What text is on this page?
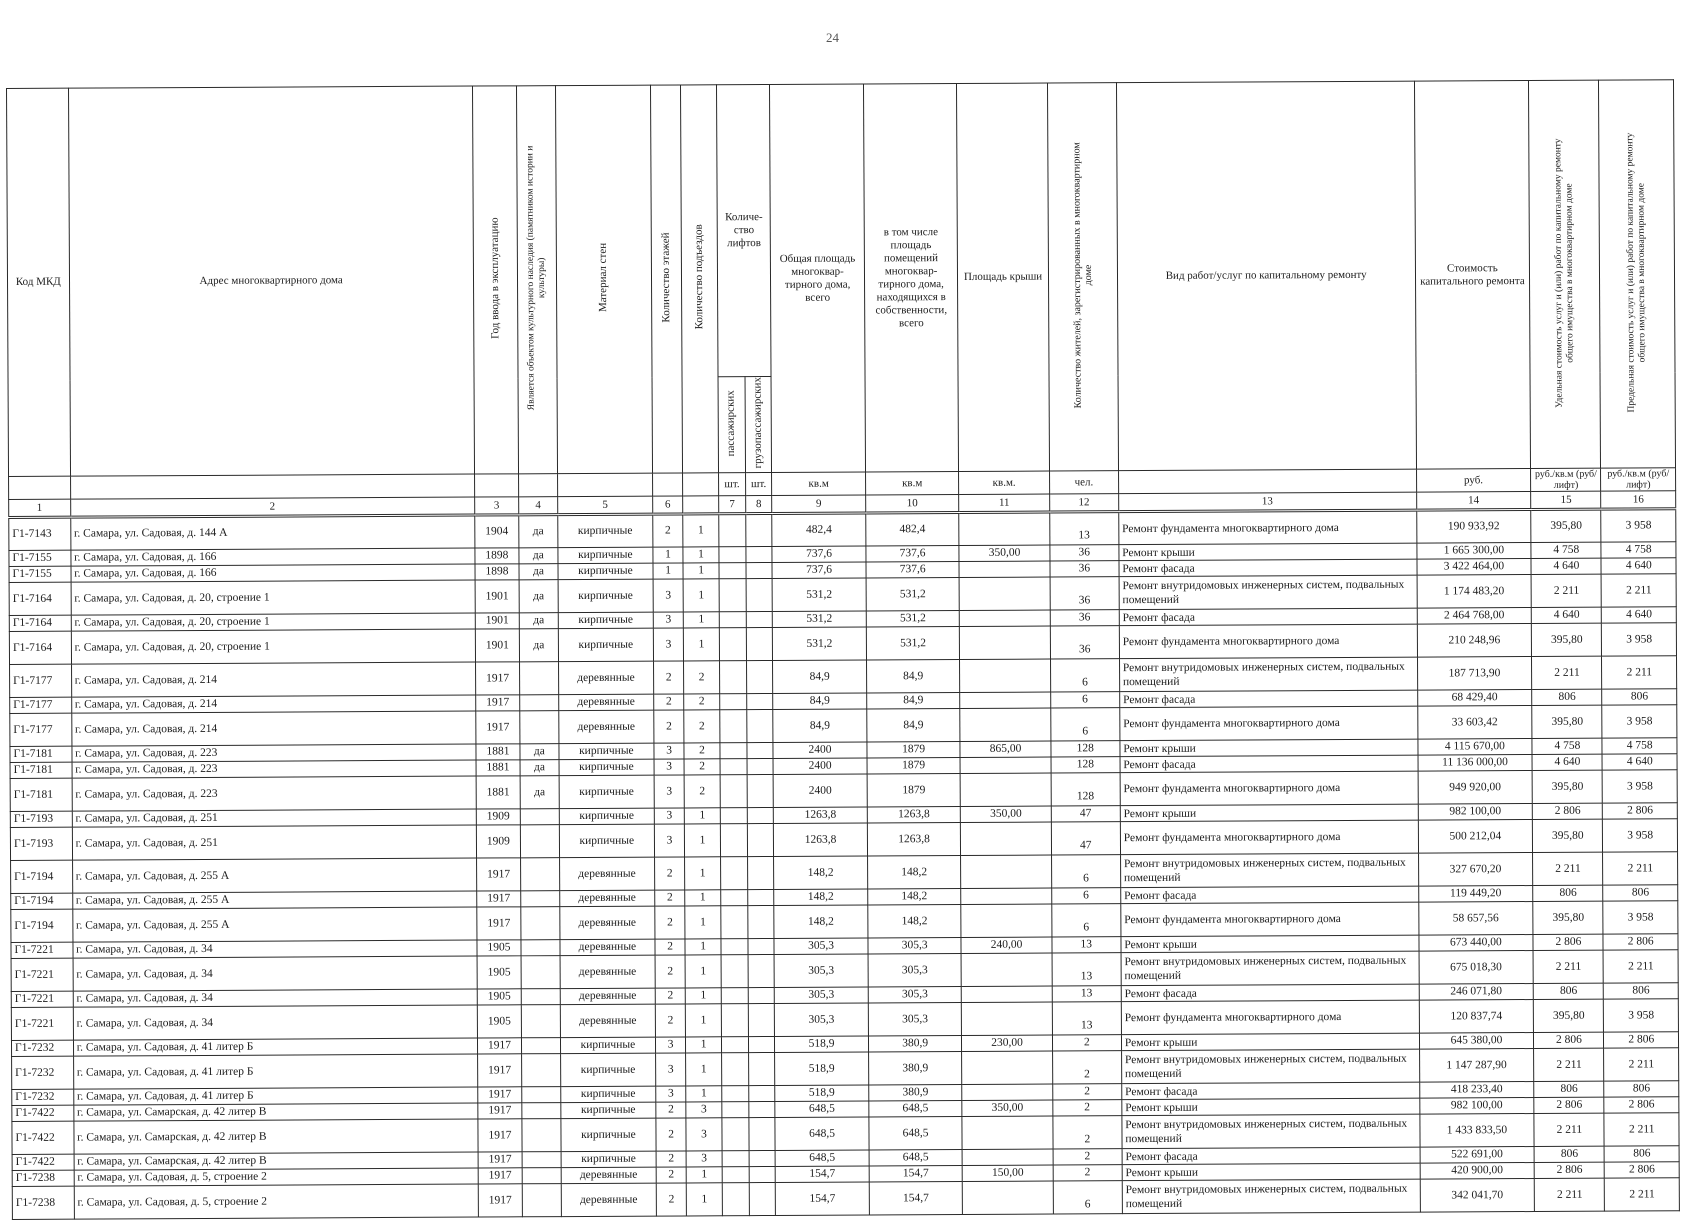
24
Код МКД	Адрес многоквартирного дома	Год ввода в эксплуатацию	Является объектом культурного наследия (памятником истории и культуры)	Материал стен	Количество этажей	Количество подъездов	Количе-ство лифтов		Общая площадь многоквар-тирного дома, всего	в том числе площадь помещений многоквар-тирного дома, находящихся в собственности, всего	Площадь крыши	Количество жителей, зарегистрированных в многоквартирном доме	Вид работ/услуг по капитальному ремонту	Стоимость капитального ремонта	Удельная стоимость услуг и (или) работ по капитальному ремонту общего имущества в многоквартирном доме	Предельная стоимость услуг и (или) работ по капитальному ремонту общего имущества в многоквартирном доме
							пассажирских	грузопассажирских								
							шт.	шт.	кв.м	кв.м	кв.м.	чел.		руб.	руб./кв.м (руб/лифт)	руб./кв.м (руб/лифт)
1	2	3	4	5	6		7	8	9	10	11	12	13	14	15	16
Г1-7143	г. Самара, ул. Садовая, д. 144 А	1904	да	кирпичные	2	1			482,4	482,4		13	Ремонт фундамента многоквартирного дома	190 933,92	395,80	3 958
Г1-7155	г. Самара, ул. Садовая, д. 166	1898	да	кирпичные	1	1			737,6	737,6	350,00	36	Ремонт крыши	1 665 300,00	4 758	4 758
Г1-7155	г. Самара, ул. Садовая, д. 166	1898	да	кирпичные	1	1			737,6	737,6		36	Ремонт фасада	3 422 464,00	4 640	4 640
Г1-7164	г. Самара, ул. Садовая, д. 20, строение 1	1901	да	кирпичные	3	1			531,2	531,2		36	Ремонт внутридомовых инженерных систем, подвальных помещений	1 174 483,20	2 211	2 211
Г1-7164	г. Самара, ул. Садовая, д. 20, строение 1	1901	да	кирпичные	3	1			531,2	531,2		36	Ремонт фасада	2 464 768,00	4 640	4 640
Г1-7164	г. Самара, ул. Садовая, д. 20, строение 1	1901	да	кирпичные	3	1			531,2	531,2		36	Ремонт фундамента многоквартирного дома	210 248,96	395,80	3 958
Г1-7177	г. Самара, ул. Садовая, д. 214	1917		деревянные	2	2			84,9	84,9		6	Ремонт внутридомовых инженерных систем, подвальных помещений	187 713,90	2 211	2 211
Г1-7177	г. Самара, ул. Садовая, д. 214	1917		деревянные	2	2			84,9	84,9		6	Ремонт фасада	68 429,40	806	806
Г1-7177	г. Самара, ул. Садовая, д. 214	1917		деревянные	2	2			84,9	84,9		6	Ремонт фундамента многоквартирного дома	33 603,42	395,80	3 958
Г1-7181	г. Самара, ул. Садовая, д. 223	1881	да	кирпичные	3	2			2400	1879	865,00	128	Ремонт крыши	4 115 670,00	4 758	4 758
Г1-7181	г. Самара, ул. Садовая, д. 223	1881	да	кирпичные	3	2			2400	1879		128	Ремонт фасада	11 136 000,00	4 640	4 640
Г1-7181	г. Самара, ул. Садовая, д. 223	1881	да	кирпичные	3	2			2400	1879		128	Ремонт фундамента многоквартирного дома	949 920,00	395,80	3 958
Г1-7193	г. Самара, ул. Садовая, д. 251	1909		кирпичные	3	1			1263,8	1263,8	350,00	47	Ремонт крыши	982 100,00	2 806	2 806
Г1-7193	г. Самара, ул. Садовая, д. 251	1909		кирпичные	3	1			1263,8	1263,8		47	Ремонт фундамента многоквартирного дома	500 212,04	395,80	3 958
Г1-7194	г. Самара, ул. Садовая, д. 255 А	1917		деревянные	2	1			148,2	148,2		6	Ремонт внутридомовых инженерных систем, подвальных помещений	327 670,20	2 211	2 211
Г1-7194	г. Самара, ул. Садовая, д. 255 А	1917		деревянные	2	1			148,2	148,2		6	Ремонт фасада	119 449,20	806	806
Г1-7194	г. Самара, ул. Садовая, д. 255 А	1917		деревянные	2	1			148,2	148,2		6	Ремонт фундамента многоквартирного дома	58 657,56	395,80	3 958
Г1-7221	г. Самара, ул. Садовая, д. 34	1905		деревянные	2	1			305,3	305,3	240,00	13	Ремонт крыши	673 440,00	2 806	2 806
Г1-7221	г. Самара, ул. Садовая, д. 34	1905		деревянные	2	1			305,3	305,3		13	Ремонт внутридомовых инженерных систем, подвальных помещений	675 018,30	2 211	2 211
Г1-7221	г. Самара, ул. Садовая, д. 34	1905		деревянные	2	1			305,3	305,3		13	Ремонт фасада	246 071,80	806	806
Г1-7221	г. Самара, ул. Садовая, д. 34	1905		деревянные	2	1			305,3	305,3		13	Ремонт фундамента многоквартирного дома	120 837,74	395,80	3 958
Г1-7232	г. Самара, ул. Садовая, д. 41 литер Б	1917		кирпичные	3	1			518,9	380,9	230,00	2	Ремонт крыши	645 380,00	2 806	2 806
Г1-7232	г. Самара, ул. Садовая, д. 41 литер Б	1917		кирпичные	3	1			518,9	380,9		2	Ремонт внутридомовых инженерных систем, подвальных помещений	1 147 287,90	2 211	2 211
Г1-7232	г. Самара, ул. Садовая, д. 41 литер Б	1917		кирпичные	3	1			518,9	380,9		2	Ремонт фасада	418 233,40	806	806
Г1-7422	г. Самара, ул. Самарская, д. 42 литер В	1917		кирпичные	2	3			648,5	648,5	350,00	2	Ремонт крыши	982 100,00	2 806	2 806
Г1-7422	г. Самара, ул. Самарская, д. 42 литер В	1917		кирпичные	2	3			648,5	648,5		2	Ремонт внутридомовых инженерных систем, подвальных помещений	1 433 833,50	2 211	2 211
Г1-7422	г. Самара, ул. Самарская, д. 42 литер В	1917		кирпичные	2	3			648,5	648,5		2	Ремонт фасада	522 691,00	806	806
Г1-7238	г. Самара, ул. Садовая, д. 5, строение 2	1917		деревянные	2	1			154,7	154,7	150,00	2	Ремонт крыши	420 900,00	2 806	2 806
Г1-7238	г. Самара, ул. Садовая, д. 5, строение 2	1917		деревянные	2	1			154,7	154,7		6	Ремонт внутридомовых инженерных систем, подвальных помещений	342 041,70	2 211	2 211
